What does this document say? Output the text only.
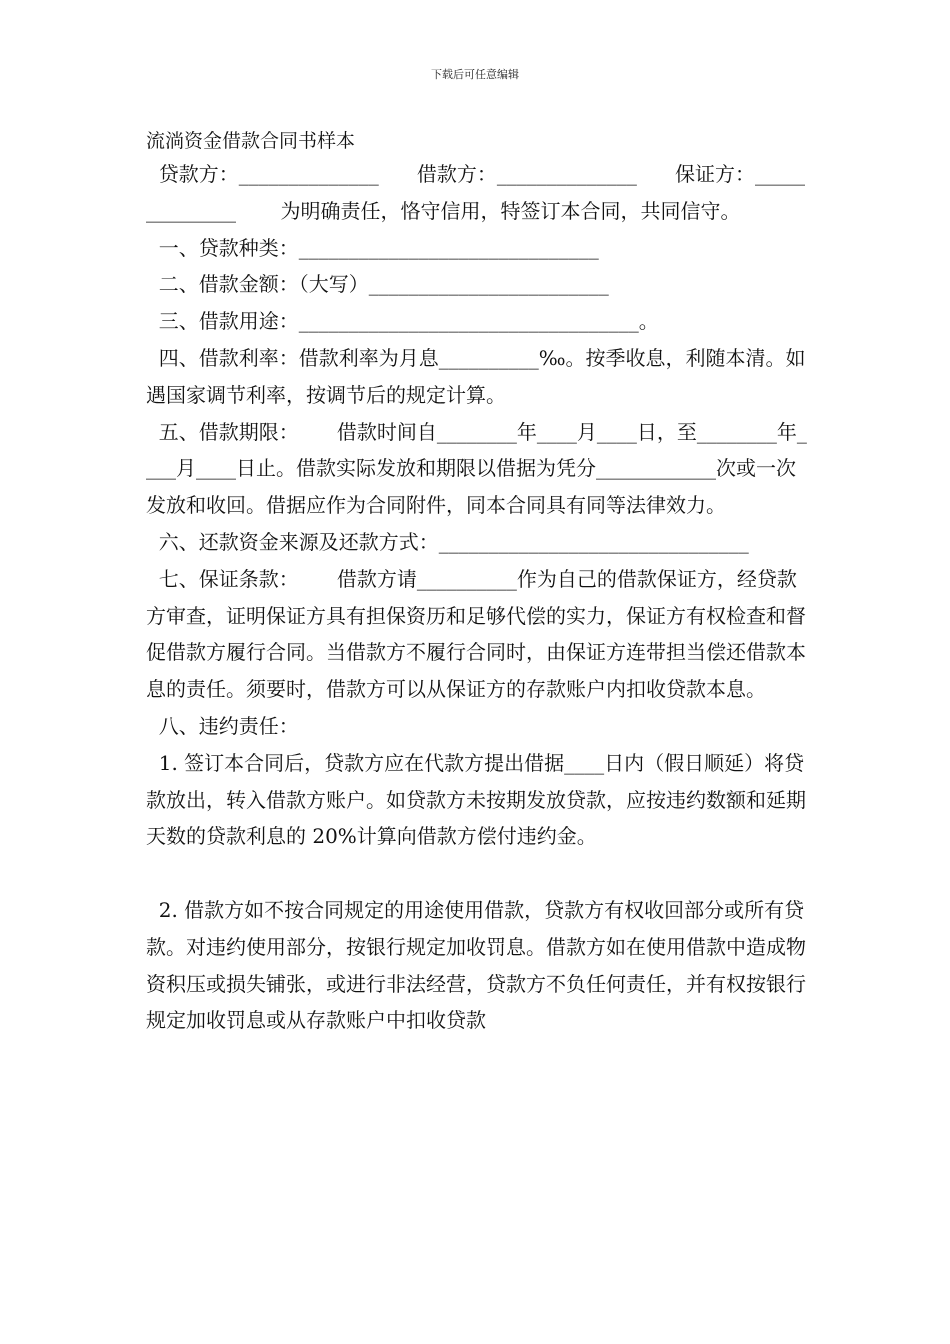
下载后可任意编辑
流淌资金借款合同书样本

贷款方：______________      借款方：______________      保证方：______________       为明确责任，恪守信用，特签订本合同，共同信守。

一、贷款种类：______________________________

二、借款金额：（大写）________________________

三、借款用途：__________________________________。

四、借款利率：借款利率为月息__________‰。按季收息，利随本清。如遇国家调节利率，按调节后的规定计算。

五、借款期限：      借款时间自________年____月____日，至________年____月____日止。借款实际发放和期限以借据为凭分____________次或一次发放和收回。借据应作为合同附件，同本合同具有同等法律效力。

六、还款资金来源及还款方式：_______________________________

七、保证条款：      借款方请__________作为自己的借款保证方，经贷款方审查，证明保证方具有担保资历和足够代偿的实力，保证方有权检查和督促借款方履行合同。当借款方不履行合同时，由保证方连带担当偿还借款本息的责任。须要时，借款方可以从保证方的存款账户内扣收贷款本息。

八、违约责任：

1. 签订本合同后，贷款方应在代款方提出借据____日内（假日顺延）将贷款放出，转入借款方账户。如贷款方未按期发放贷款，应按违约数额和延期天数的贷款利息的 20%计算向借款方偿付违约金。

2. 借款方如不按合同规定的用途使用借款，贷款方有权收回部分或所有贷款。对违约使用部分，按银行规定加收罚息。借款方如在使用借款中造成物资积压或损失铺张，或进行非法经营，贷款方不负任何责任，并有权按银行规定加收罚息或从存款账户中扣收贷款
